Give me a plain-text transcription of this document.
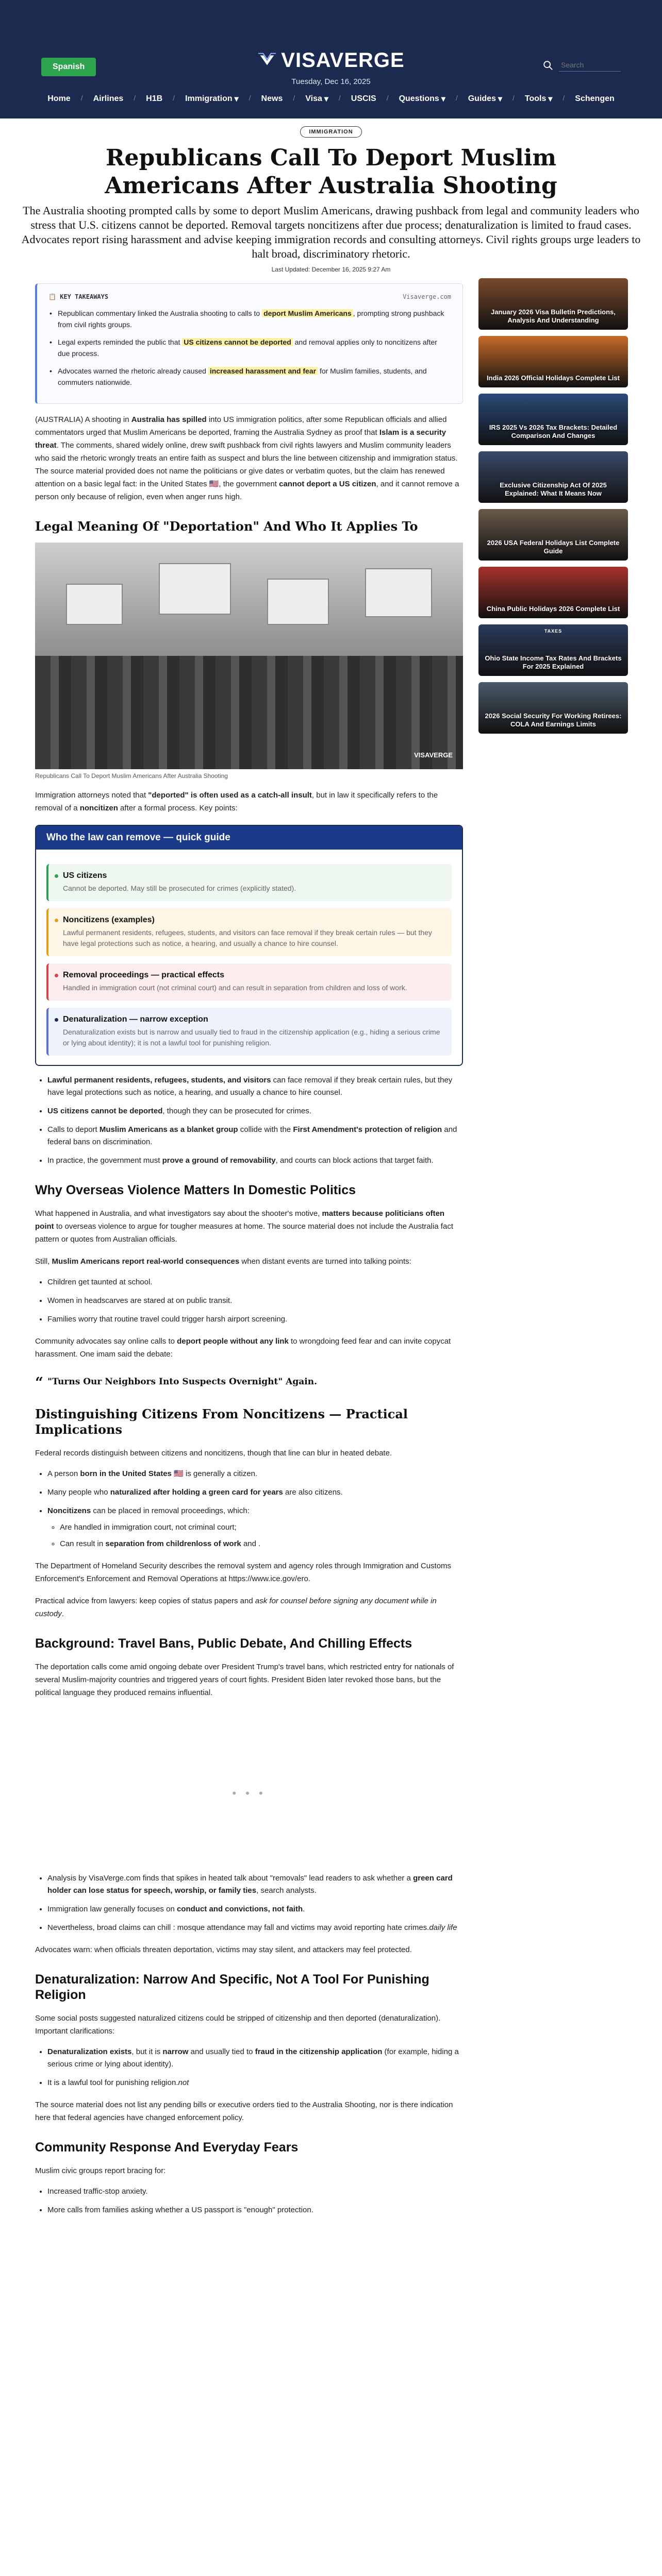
Spanish	VISAVERGE
Tuesday, Dec 16, 2025
Search
Home / Airlines / H1B / Immigration ▾ / News / Visa ▾ / USCIS / Questions ▾ / Guides ▾ / Tools ▾ / Schengen
IMMIGRATION
Republicans Call To Deport Muslim Americans After Australia Shooting

The Australia shooting prompted calls by some to deport Muslim Americans, drawing pushback from legal and community leaders who stress that U.S. citizens cannot be deported. Removal targets noncitizens after due process; denaturalization is limited to fraud cases. Advocates report rising harassment and advise keeping immigration records and consulting attorneys. Civil rights groups urge leaders to halt broad, discriminatory rhetoric.

Last Updated: December 16, 2025 9:27 Am
📋 KEY TAKEAWAYS	Visaverge.com
• Republican commentary linked the Australia shooting to calls to deport Muslim Americans , prompting strong pushback from civil rights groups.
• Legal experts reminded the public that US citizens cannot be deported and removal applies only to noncitizens after due process.
• Advocates warned the rhetoric already caused increased harassment and fear for Muslim families, students, and commuters nationwide.

(AUSTRALIA) A shooting in Australia has spilled into US immigration politics, after some Republican officials and allied commentators urged that Muslim Americans be deported, framing the Australia Sydney as proof that Islam is a security threat. The comments, shared widely online, drew swift pushback from civil rights lawyers and Muslim community leaders who said the rhetoric wrongly treats an entire faith as suspect and blurs the line between citizenship and immigration status. The source material provided does not name the politicians or give dates or verbatim quotes, but the claim has renewed attention on a basic legal fact: in the United States 🇺🇸, the government cannot deport a US citizen, and it cannot remove a person only because of religion, even when anger runs high.

Legal Meaning Of "Deportation" And Who It Applies To
VISAVERGE
Republicans Call To Deport Muslim Americans After Australia Shooting

Immigration attorneys noted that "deported" is often used as a catch-all insult, but in law it specifically refers to the removal of a noncitizen after a formal process. Key points:

Who the law can remove — quick guide
US citizens
Cannot be deported. May still be prosecuted for crimes (explicitly stated).
Noncitizens (examples)
Lawful permanent residents, refugees, students, and visitors can face removal if they break certain rules — but they have legal protections such as notice, a hearing, and usually a chance to hire counsel.
Removal proceedings — practical effects
Handled in immigration court (not criminal court) and can result in separation from children and loss of work.
Denaturalization — narrow exception
Denaturalization exists but is narrow and usually tied to fraud in the citizenship application (e.g., hiding a serious crime or lying about identity); it is not a lawful tool for punishing religion.
• Lawful permanent residents, refugees, students, and visitors can face removal if they break certain rules, but they have legal protections such as notice, a hearing, and usually a chance to hire counsel.
• US citizens cannot be deported, though they can be prosecuted for crimes.
• Calls to deport Muslim Americans as a blanket group collide with the First Amendment's protection of religion and federal bans on discrimination.
• In practice, the government must prove a ground of removability, and courts can block actions that target faith.
Why Overseas Violence Matters In Domestic Politics

What happened in Australia, and what investigators say about the shooter's motive, matters because politicians often point to overseas violence to argue for tougher measures at home. The source material does not include the Australia fact pattern or quotes from Australian officials.

Still, Muslim Americans report real-world consequences when distant events are turned into talking points:

• Children get taunted at school.
• Women in headscarves are stared at on public transit.
• Families worry that routine travel could trigger harsh airport screening.

Community advocates say online calls to deport people without any link to wrongdoing feed fear and can invite copycat harassment. One imam said the debate:

“ "Turns Our Neighbors Into Suspects Overnight" Again.
Distinguishing Citizens From Noncitizens — Practical Implications

Federal records distinguish between citizens and noncitizens, though that line can blur in heated debate.

• A person born in the United States 🇺🇸 is generally a citizen.
• Many people who naturalized after holding a green card for years are also citizens.
• Noncitizens can be placed in removal proceedings, which:
◦ Are handled in immigration court, not criminal court;
◦ Can result in separation from childrenloss of work and .

The Department of Homeland Security describes the removal system and agency roles through Immigration and Customs Enforcement's Enforcement and Removal Operations at https://www.ice.gov/ero.

Practical advice from lawyers: keep copies of status papers and ask for counsel before signing any document while in custody.

Background: Travel Bans, Public Debate, And Chilling Effects

The deportation calls come amid ongoing debate over President Trump's travel bans, which restricted entry for nationals of several Muslim-majority countries and triggered years of court fights. President Biden later revoked those bans, but the political language they produced remains influential.

• • •
• Analysis by VisaVerge.com finds that spikes in heated talk about "removals" lead readers to ask whether a green card holder can lose status for speech, worship, or family ties, search analysts.
• Immigration law generally focuses on conduct and convictions, not faith.
• Nevertheless, broad claims can chill : mosque attendance may fall and victims may avoid reporting hate crimes.daily life

Advocates warn: when officials threaten deportation, victims may stay silent, and attackers may feel protected.

Denaturalization: Narrow And Specific, Not A Tool For Punishing Religion

Some social posts suggested naturalized citizens could be stripped of citizenship and then deported (denaturalization). Important clarifications:

• Denaturalization exists, but it is narrow and usually tied to fraud in the citizenship application (for example, hiding a serious crime or lying about identity).
• It is a lawful tool for punishing religion.not

The source material does not list any pending bills or executive orders tied to the Australia Shooting, nor is there indication here that federal agencies have changed enforcement policy.

Community Response And Everyday Fears

Muslim civic groups report bracing for:

• Increased traffic-stop anxiety.
• More calls from families asking whether a US passport is "enough" protection.
January 2026 Visa Bulletin Predictions, Analysis And Understanding
India 2026 Official Holidays Complete List
IRS 2025 Vs 2026 Tax Brackets: Detailed Comparison And Changes
Exclusive Citizenship Act Of 2025 Explained: What It Means Now
2026 USA Federal Holidays List Complete Guide
China Public Holidays 2026 Complete List
TAXES
Ohio State Income Tax Rates And Brackets For 2025 Explained
2026 Social Security For Working Retirees: COLA And Earnings Limits
